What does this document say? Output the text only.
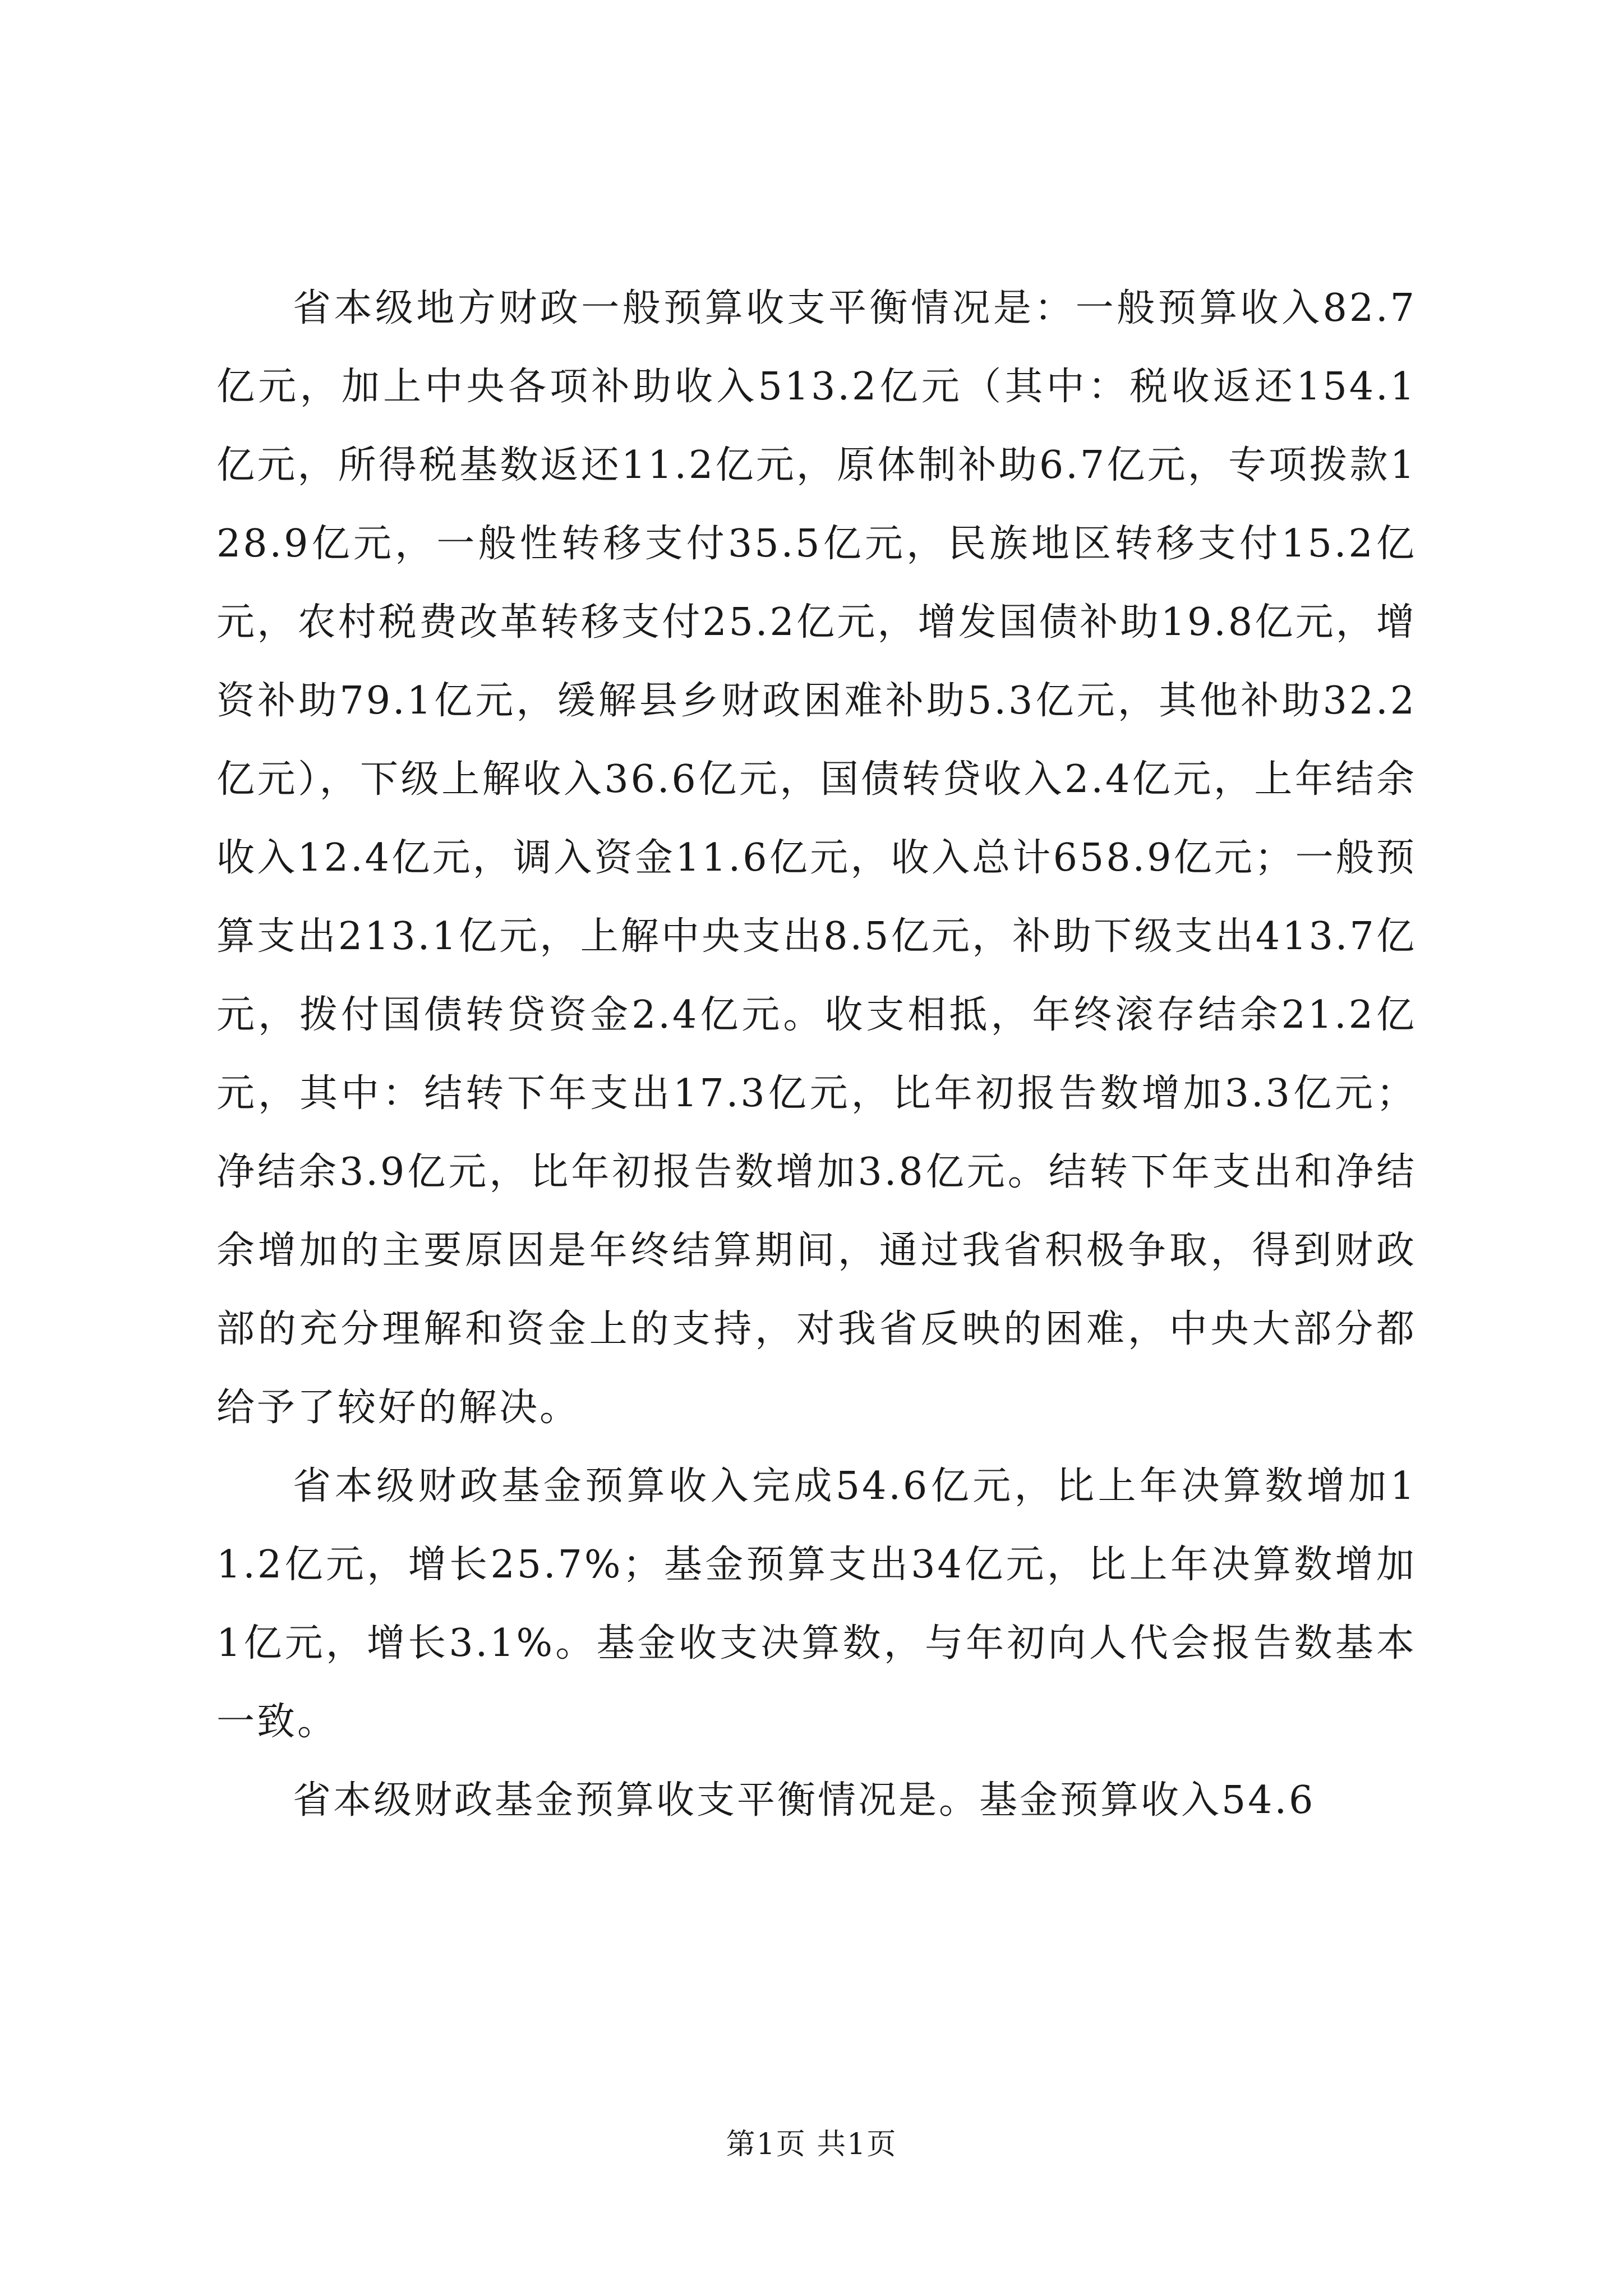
省本级地方财政一般预算收支平衡情况是：一般预算收入82.7亿元，加上中央各项补助收入513.2亿元（其中：税收返还154.1亿元，所得税基数返还11.2亿元，原体制补助6.7亿元，专项拨款128.9亿元，一般性转移支付35.5亿元，民族地区转移支付15.2亿元，农村税费改革转移支付25.2亿元，增发国债补助19.8亿元，增资补助79.1亿元，缓解县乡财政困难补助5.3亿元，其他补助32.2亿元），下级上解收入36.6亿元，国债转贷收入2.4亿元，上年结余收入12.4亿元，调入资金11.6亿元，收入总计658.9亿元；一般预算支出213.1亿元，上解中央支出8.5亿元，补助下级支出413.7亿元，拨付国债转贷资金2.4亿元。收支相抵，年终滚存结余21.2亿元，其中：结转下年支出17.3亿元，比年初报告数增加3.3亿元；净结余3.9亿元，比年初报告数增加3.8亿元。结转下年支出和净结余增加的主要原因是年终结算期间，通过我省积极争取，得到财政部的充分理解和资金上的支持，对我省反映的困难，中央大部分都给予了较好的解决。

省本级财政基金预算收入完成54.6亿元，比上年决算数增加11.2亿元，增长25.7%；基金预算支出34亿元，比上年决算数增加1亿元，增长3.1%。基金收支决算数，与年初向人代会报告数基本一致。

省本级财政基金预算收支平衡情况是。基金预算收入54.6

第1页 共1页
